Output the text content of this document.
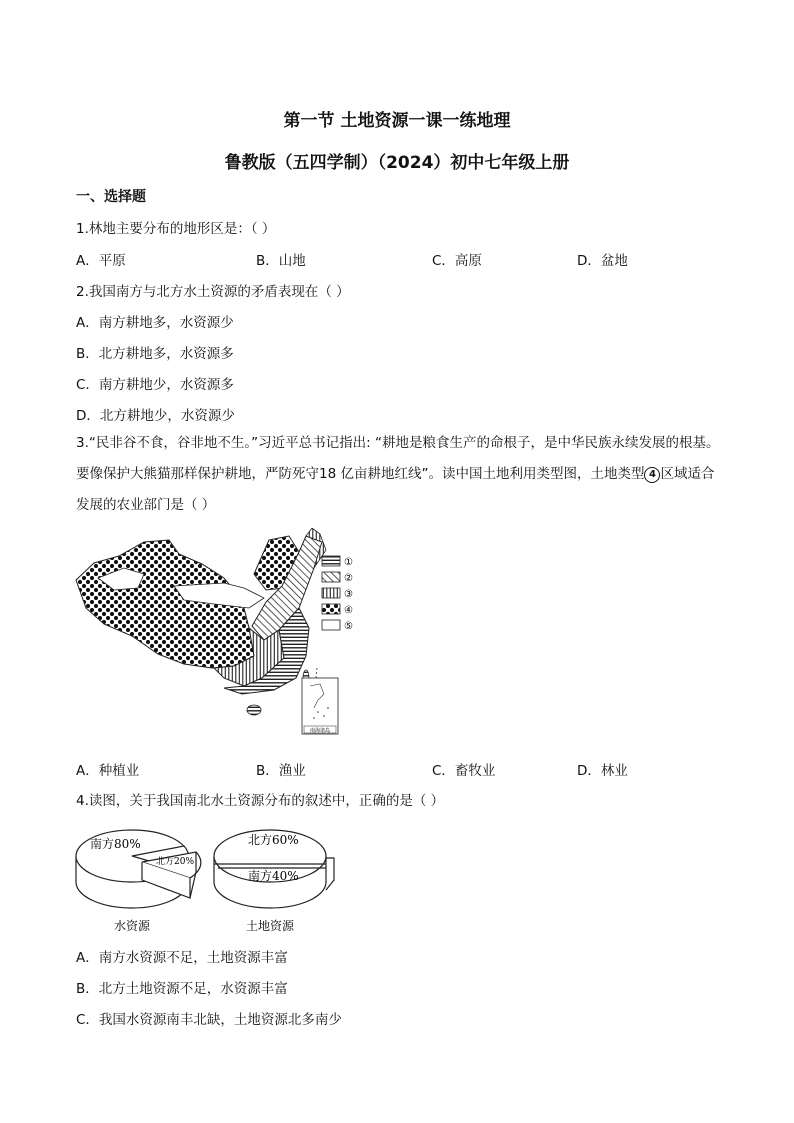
第一节 土地资源一课一练地理
鲁教版（五四学制）（2024）初中七年级上册
一、选择题
1.林地主要分布的地形区是：（ ）
A．平原	B．山地	C．高原	D．盆地
2.我国南方与北方水土资源的矛盾表现在（ ）
A．南方耕地多，水资源少
B．北方耕地多，水资源多
C．南方耕地少，水资源多
D．北方耕地少，水资源少
3.“民非谷不食，谷非地不生。”习近平总书记指出: “耕地是粮食生产的命根子，是中华民族永续发展的根基。要像保护大熊猫那样保护耕地，严防死守18 亿亩耕地红线”。读中国土地利用类型图，土地类型 4 区域适合发展的农业部门是（ ）
①
②
③
④
⑤
南海诸岛
A．种植业	B．渔业	C．畜牧业	D．林业
4.读图，关于我国南北水土资源分布的叙述中，正确的是（ ）
南方80%
北方20%
水资源
北方60%
南方40%
土地资源
A．南方水资源不足，土地资源丰富
B．北方土地资源不足，水资源丰富
C．我国水资源南丰北缺，土地资源北多南少
